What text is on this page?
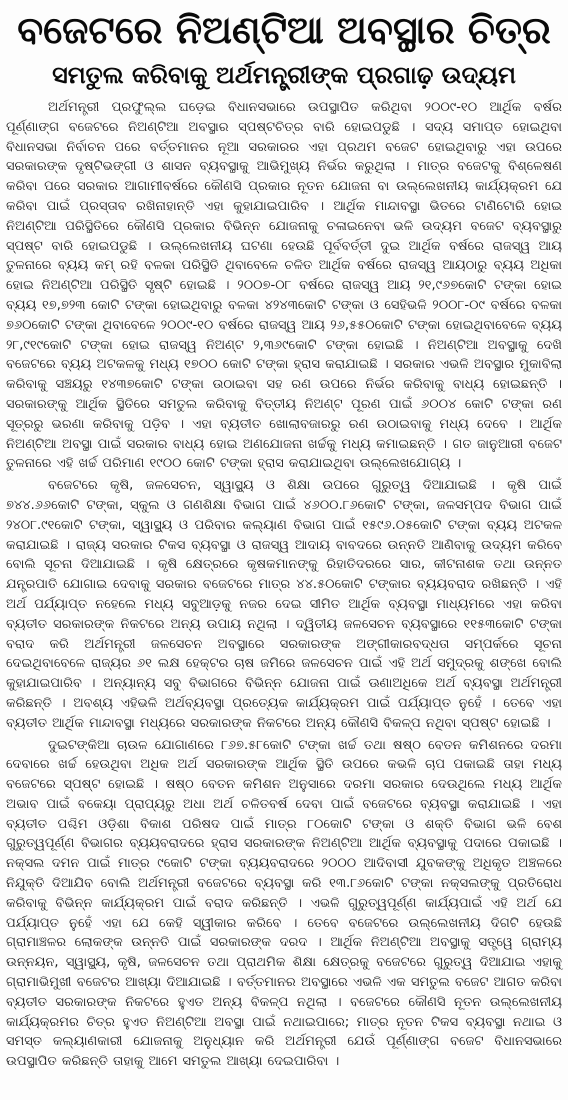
ବଜେଟରେ ନିଅଣ୍ଟିଆ ଅବସ୍ଥାର ଚିତ୍ର
ସମତୁଲ କରିବାକୁ ଅର୍ଥମନ୍ତ୍ରୀଙ୍କ ପ୍ରଗାଢ଼ ଉଦ୍ୟମ

ଅର୍ଥମନ୍ତ୍ରୀ ପ୍ରଫୁଲ୍ଲ ଘଡ଼େଇ ବିଧାନସଭାରେ ଉପସ୍ଥାପିତ କରିଥିବା ୨୦୦୯-୧୦ ଆର୍ଥିକ ବର୍ଷର ପୂର୍ଣ୍ଣାଙ୍ଗ ବଜେଟରେ ନିଅଣ୍ଟିଆ ଅବସ୍ଥାର ସ୍ପଷ୍ଟଚିତ୍ର ବାରି ହୋଇପଡୁଛି । ସଦ୍ୟ ସମାପ୍ତ ହୋଇଥିବା ବିଧାନସଭା ନିର୍ବାଚନ ପରେ ବର୍ତ୍ତମାନର ନୂଆ ସରକାରର ଏହା ପ୍ରଥମ ବଜେଟ ହୋଇଥିବାରୁ ଏହା ଉପରେ ସରକାରଙ୍କ ଦୃଷ୍ଟିଭଙ୍ଗୀ ଓ ଶାସନ ବ୍ୟବସ୍ଥାକୁ ଆଭିମୁଖ୍ୟ ନିର୍ଭର କରୁଥିଲା । ମାତ୍ର ବଜେଟକୁ ବିଶ୍ଳେଷଣ କରିବା ପରେ ସରକାର ଆଗାମୀବର୍ଷରେ କୌଣସି ପ୍ରକାର ନୂତନ ଯୋଜନା ବା ଉଲ୍ଲେଖନୀୟ କାର୍ଯ୍ୟକ୍ରମ ଯେ କରିବା ପାଇଁ ପ୍ରସ୍ତାବ ରଖିନାହାନ୍ତି ଏହା କୁହାଯାଇପାରିବ । ଆର୍ଥିକ ମାନ୍ଦାବସ୍ଥା ଭିତରେ ଟାଣିଟୋରି ହୋଇ ନିଅଣ୍ଟିଆ ପରିସ୍ଥିତିରେ କୌଣସି ପ୍ରକାର ବିଭିନ୍ନ ଯୋଜନାକୁ ଚଳାଇନେବା ଭଳି ଉଦ୍ୟମ ବଜେଟ ବ୍ୟବସ୍ଥାରୁ ସ୍ପଷ୍ଟ ବାରି ହୋଇପଡୁଛି । ଉଲ୍ଲେଖନୀୟ ଘଟଣା ହେଉଛି ପୂର୍ବବର୍ତ୍ତୀ ଦୁଇ ଆର୍ଥିକ ବର୍ଷରେ ରାଜସ୍ୱ ଆୟ ତୁଳନାରେ ବ୍ୟୟ କମ୍ ରହି ବଳକା ପରିସ୍ଥିତି ଥିବାବେଳେ ଚଳିତ ଆର୍ଥିକ ବର୍ଷରେ ରାଜସ୍ୱ ଆୟଠାରୁ ବ୍ୟୟ ଅଧିକା ହୋଇ ନିଅଣ୍ଟିଆ ପରିସ୍ଥିତି ସୃଷ୍ଟି ହୋଇଛି । ୨୦୦୭-୦୮ ବର୍ଷରେ ରାଜସ୍ୱ ଆୟ ୨୧,୯୬୭କୋଟି ଟଙ୍କା ହୋଇ ବ୍ୟୟ ୧୭,୭୨୩ କୋଟି ଟଙ୍କା ହୋଇଥିବାରୁ ବଳକା ୪୨୪୩କୋଟି ଟଙ୍କା ଓ ସେହିଭଳି ୨୦୦୮-୦୯ ବର୍ଷରେ ବଳକା ୭୬୦କୋଟି ଟଙ୍କା ଥିବାବେଳେ ୨୦୦୯-୧୦ ବର୍ଷରେ ରାଜସ୍ୱ ଆୟ ୨୬,୫୫୦କୋଟି ଟଙ୍କା ହୋଇଥିବାବେଳେ ବ୍ୟୟ ୨୮,୯୧୯କୋଟି ଟଙ୍କା ହୋଇ ରାଜସ୍ୱ ନିଅଣ୍ଟ ୨,୩୬୯କୋଟି ଟଙ୍କା ହୋଇଛି । ନିଅଣ୍ଟିଆ ଅବସ୍ଥାକୁ ଦେଖି ବଜେଟରେ ବ୍ୟୟ ଅଟକଳକୁ ମଧ୍ୟ ୧୭୦୦ କୋଟି ଟଙ୍କା ହ୍ରାସ କରାଯାଇଛି । ସରକାର ଏଭଳି ଅବସ୍ଥାର ମୁକାବିଲା କରିବାକୁ ସଞ୍ଚୟରୁ ୧୪୩୭କୋଟି ଟଙ୍କା ଉଠାଇବା ସହ ରଣ ଉପରେ ନିର୍ଭର କରିବାକୁ ବାଧ୍ୟ ହୋଇଛନ୍ତି । ସରକାରଙ୍କୁ ଆର୍ଥିକ ସ୍ଥିତିରେ ସମତୁଲ କରିବାକୁ ବିତ୍ତୀୟ ନିଅଣ୍ଟ ପୂରଣ ପାଇଁ ୬୦୦୪ କୋଟି ଟଙ୍କା ରଣ ସୂତ୍ରରୁ ଭରଣା କରିବାକୁ ପଡ଼ିବ । ଏହା ବ୍ୟତୀତ ଖୋଲାବଜାରରୁ ରଣ ଉଠାଇବାକୁ ମଧ୍ୟ ଦେବେ । ଆର୍ଥିକ ନିଅଣ୍ଟିଆ ଅବସ୍ଥା ପାଇଁ ସରକାର ବାଧ୍ୟ ହୋଇ ଅଣଯୋଜନା ଖର୍ଚ୍ଚକୁ ମଧ୍ୟ କମାଇଛନ୍ତି । ଗତ ଜାନୁଆରୀ ବଜେଟ ତୁଳନାରେ ଏହି ଖର୍ଚ୍ଚ ପରିମାଣ ୧୯୦୦ କୋଟି ଟଙ୍କା ହ୍ରାସ କରାଯାଇଥିବା ଉଲ୍ଲେଖଯୋଗ୍ୟ ।

ବଜେଟରେ କୃଷି, ଜଳସେଚନ, ସ୍ୱାସ୍ଥ୍ୟ ଓ ଶିକ୍ଷା ଉପରେ ଗୁରୁତ୍ୱ ଦିଆଯାଇଛି । କୃଷି ପାଇଁ ୭୪୪.୬୬କୋଟି ଟଙ୍କା, ସ୍କୁଲ ଓ ଗଣଶିକ୍ଷା ବିଭାଗ ପାଇଁ ୪୬୦୦.୮୬କୋଟି ଟଙ୍କା, ଜଳସମ୍ପଦ ବିଭାଗ ପାଇଁ ୨୪୦୮.୯୧କୋଟି ଟଙ୍କା, ସ୍ୱାସ୍ଥ୍ୟ ଓ ପରିବାର କଲ୍ୟାଣ ବିଭାଗ ପାଇଁ ୧୫୯୬.୦୫କୋଟି ଟଙ୍କା ବ୍ୟୟ ଅଟକଳ କରାଯାଇଛି । ରାଜ୍ୟ ସରକାର ଟିକସ ବ୍ୟବସ୍ଥା ଓ ରାଜସ୍ୱ ଆଦାୟ ବାବଦରେ ଉନ୍ନତି ଆଣିବାକୁ ଉଦ୍ୟମ କରିବେ ବୋଲି ସୂଚନା ଦିଆଯାଇଛି । କୃଷି କ୍ଷେତ୍ରରେ କୃଷକମାନଙ୍କୁ ରିହାତିଦରରେ ସାର, କୀଟନାଶକ ତଥା ଉନ୍ନତ ଯନ୍ତ୍ରପାତି ଯୋଗାଇ ଦେବାକୁ ସରକାର ବଜେଟରେ ମାତ୍ର ୪୪.୫୦କୋଟି ଟଙ୍କାର ବ୍ୟୟବରାଦ ରଖିଛନ୍ତି । ଏହି ଅର୍ଥ ପର୍ଯ୍ୟାପ୍ତ ନହେଲେ ମଧ୍ୟ ସବୁଆଡ଼କୁ ନଜର ଦେଇ ସୀମିତ ଆର୍ଥିକ ବ୍ୟବସ୍ଥା ମାଧ୍ୟମରେ ଏହା କରିବା ବ୍ୟତୀତ ସରକାରଙ୍କ ନିକଟରେ ଅନ୍ୟ ଉପାୟ ନଥିଲା । ଦ୍ୱିତୀୟ ଜଳସେଚନ ବ୍ୟବସ୍ଥାରେ ୧୧୫୩କୋଟି ଟଙ୍କା ବରାଦ କରି ଅର୍ଥମନ୍ତ୍ରୀ ଜଳସେଚନ ଅବସ୍ଥାରେ ସରକାରଙ୍କ ଅଙ୍ଗୀକାରବଦ୍ଧତା ସମ୍ପର୍କରେ ସୂଚନା ଦେଇଥିବାବେଳେ ରାଜ୍ୟର ୬୧ ଲକ୍ଷ ହେକ୍ଟର ଚାଷ ଜମିରେ ଜଳସେଚନ ପାଇଁ ଏହି ଅର୍ଥ ସମୁଦ୍ରକୁ ଶଙ୍ଖେ ବୋଲି କୁହାଯାଇପାରିବ । ଅନ୍ୟାନ୍ୟ ସବୁ ବିଭାଗରେ ବିଭିନ୍ନ ଯୋଜନା ପାଇଁ ଊଣାଅଧିକେ ଅର୍ଥ ବ୍ୟବସ୍ଥା ଅର୍ଥମନ୍ତ୍ରୀ କରିଛନ୍ତି । ଅବଶ୍ୟ ଏହିଭଳି ଅର୍ଥବ୍ୟବସ୍ଥା ପ୍ରତ୍ୟେକ କାର୍ଯ୍ୟକ୍ରମ ପାଇଁ ପର୍ଯ୍ୟାପ୍ତ ନୁହେଁ । ତେବେ ଏହା ବ୍ୟତୀତ ଆର୍ଥିକ ମାନ୍ଦାବସ୍ଥା ମଧ୍ୟରେ ସରକାରଙ୍କ ନିକଟରେ ଅନ୍ୟ କୌଣସି ବିକଳ୍ପ ନଥିବା ସ୍ପଷ୍ଟ ହୋଇଛି ।

ଦୁଇଟଙ୍କିଆ ଚାଉଳ ଯୋଗାଣରେ ୮୬୭.୫୮କୋଟି ଟଙ୍କା ଖର୍ଚ୍ଚ ତଥା ଷଷ୍ଠ ବେତନ କମିଶନରେ ଦରମା ଦେବାରେ ଖର୍ଚ୍ଚ ହେଉଥିବା ଅଧିକ ଅର୍ଥ ସରକାରଙ୍କ ଆର୍ଥିକ ସ୍ଥିତି ଉପରେ କଭଳି ଚାପ ପକାଇଛି ତାହା ମଧ୍ୟ ବଜେଟରେ ସ୍ପଷ୍ଟ ହୋଇଛି । ଷଷ୍ଠ ବେତନ କମିଶନ ଅନୁସାରେ ଦରମା ସରକାର ଦେଉଥିଲେ ମଧ୍ୟ ଆର୍ଥିକ ଅଭାବ ପାଇଁ ବକେୟା ପ୍ରାପ୍ୟରୁ ଅଧା ଅର୍ଥ ଚଳିତବର୍ଷ ଦେବା ପାଇଁ ବଜେଟରେ ବ୍ୟବସ୍ଥା କରାଯାଇଛି । ଏହା ବ୍ୟତୀତ ପଶ୍ଚିମ ଓଡ଼ିଶା ବିକାଶ ପରିଷଦ ପାଇଁ ମାତ୍ର ୮୦କୋଟି ଟଙ୍କା ଓ ଶକ୍ତି ବିଭାଗ ଭଳି ବେଶ ଗୁରୁତ୍ୱପୂର୍ଣ୍ଣ ବିଭାଗର ବ୍ୟୟବରାଦରେ ହ୍ରାସ ସରକାରଙ୍କ ନିଅଣ୍ଟିଆ ଆର୍ଥିକ ବ୍ୟବସ୍ଥାକୁ ପଦାରେ ପକାଇଛି । ନକ୍ସଲ ଦମନ ପାଇଁ ମାତ୍ର ୯କୋଟି ଟଙ୍କା ବ୍ୟୟବରାଦରେ ୨୦୦୦ ଆଦିବାସୀ ଯୁବକଙ୍କୁ ଅଧିକୃତ ଅଞ୍ଚଳରେ ନିଯୁକ୍ତି ଦିଆଯିବ ବୋଲି ଅର୍ଥମନ୍ତ୍ରୀ ବଜେଟରେ ବ୍ୟବସ୍ଥା କରି ୧୩.୮୬କୋଟି ଟଙ୍କା ନକ୍ସଲଙ୍କୁ ପ୍ରତିରୋଧ କରିବାକୁ ବିଭିନ୍ନ କାର୍ଯ୍ୟକ୍ରମ ପାଇଁ ବରାଦ କରିଛନ୍ତି । ଏଭଳି ଗୁରୁତ୍ୱପୂର୍ଣ୍ଣ କାର୍ଯ୍ୟପାଇଁ ଏହି ଅର୍ଥ ଯେ ପର୍ଯ୍ୟାପ୍ତ ନୁହେଁ ଏହା ଯେ କେହି ସ୍ୱୀକାର କରିବେ । ତେବେ ବଜେଟରେ ଉଲ୍ଲେଖନୀୟ ଦିଗଟି ହେଉଛି ଗ୍ରାମାଞ୍ଚଳର ଲୋକଙ୍କ ଉନ୍ନତି ପାଇଁ ସରକାରଙ୍କ ଦରଦ । ଆର୍ଥିକ ନିଅଣ୍ଟିଆ ଅବସ୍ଥାକୁ ସତ୍ତ୍ୱେ ଗ୍ରାମ୍ୟ ଉନ୍ନୟନ, ସ୍ୱାସ୍ଥ୍ୟ, କୃଷି, ଜଳସେଚନ ତଥା ପ୍ରାଥମିକ ଶିକ୍ଷା କ୍ଷେତ୍ରକୁ ବଜେଟରେ ଗୁରୁତ୍ୱ ଦିଆଯାଇ ଏହାକୁ ଗ୍ରାମାଭିମୁଖୀ ବଜେଟର ଆଖ୍ୟା ଦିଆଯାଇଛି । ବର୍ତ୍ତମାନର ଅବସ୍ଥାରେ ଏଭଳି ଏକ ସମତୁଲ ବଜେଟ ଆଗତ କରିବା ବ୍ୟତୀତ ସରକାରଙ୍କ ନିକଟରେ ହୁଏତ ଅନ୍ୟ ବିକଳ୍ପ ନଥିଲା । ବଜେଟରେ କୌଣସି ନୂତନ ଉଲ୍ଲେଖନୀୟ କାର୍ଯ୍ୟକ୍ରମର ଚିତ୍ର ହୁଏତ ନିଅଣ୍ଟିଆ ଅବସ୍ଥା ପାଇଁ ନଥାଇପାରେ; ମାତ୍ର ନୂତନ ଟିକସ ବ୍ୟବସ୍ଥା ନଥାଇ ଓ ସମସ୍ତ କଲ୍ୟାଣକାରୀ ଯୋଜନାକୁ ଅନୁଧ୍ୟାନ କରି ଅର୍ଥମନ୍ତ୍ରୀ ଯେଉଁ ପୂର୍ଣ୍ଣାଙ୍ଗ ବଜେଟ ବିଧାନସଭାରେ ଉପସ୍ଥାପିତ କରିଛନ୍ତି ତାହାକୁ ଆମେ ସମତୁଲ ଆଖ୍ୟା ଦେଇପାରିବା ।
